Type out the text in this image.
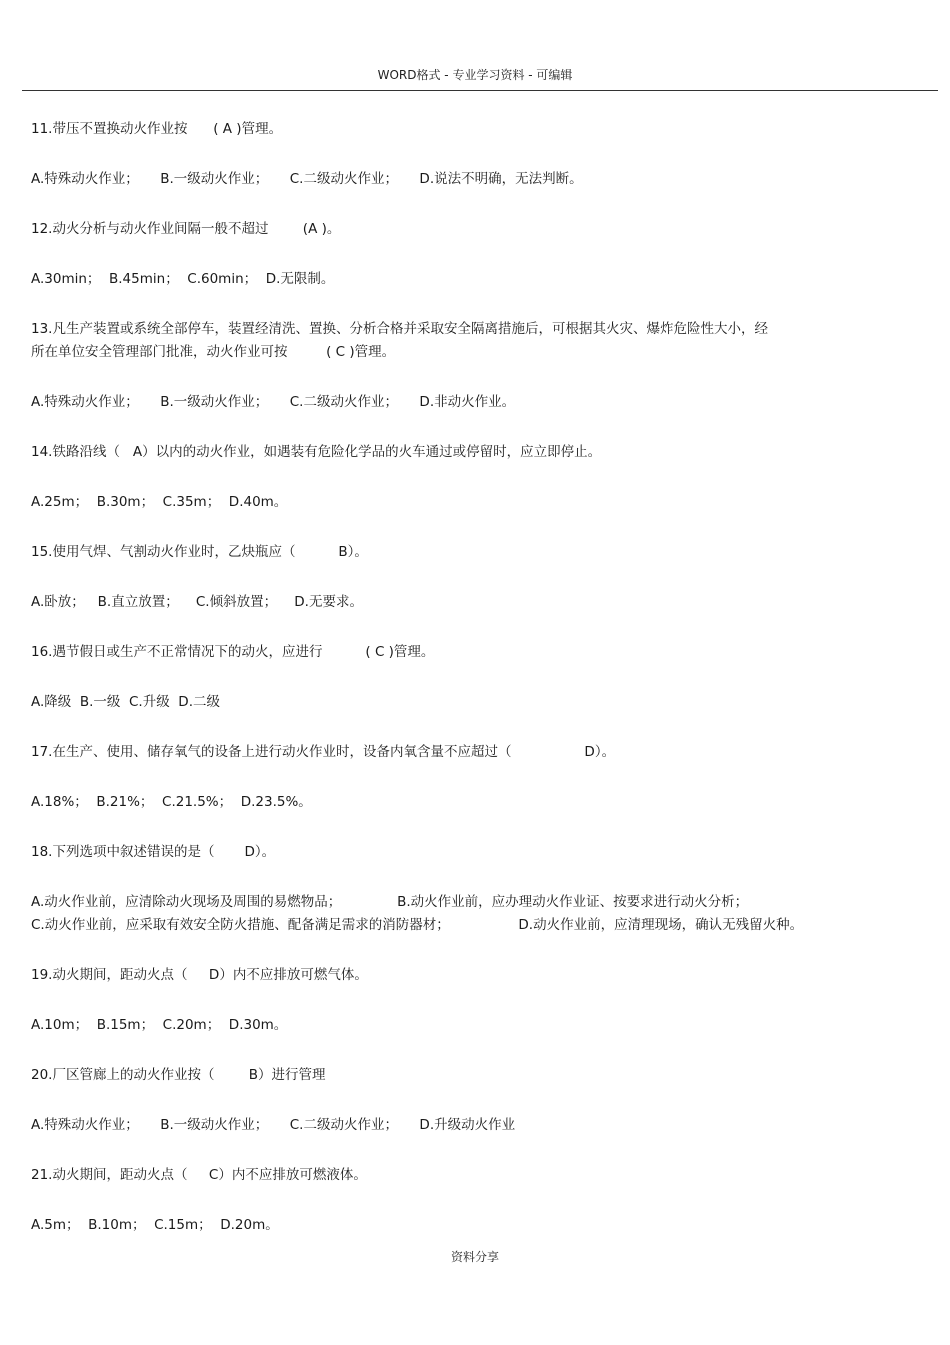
WORD格式 - 专业学习资料 - 可编辑
11.带压不置换动火作业按      ( A )管理。
A.特殊动火作业；     B.一级动火作业；     C.二级动火作业；     D.说法不明确，无法判断。
12.动火分析与动火作业间隔一般不超过        (A )。
A.30min；  B.45min；  C.60min；  D.无限制。
13.凡生产装置或系统全部停车，装置经清洗、置换、分析合格并采取安全隔离措施后，可根据其火灾、爆炸危险性大小，经
所在单位安全管理部门批准，动火作业可按         ( C )管理。
A.特殊动火作业；     B.一级动火作业；     C.二级动火作业；     D.非动火作业。
14.铁路沿线（   A）以内的动火作业，如遇装有危险化学品的火车通过或停留时，应立即停止。
A.25m；  B.30m；  C.35m；  D.40m。
15.使用气焊、气割动火作业时，乙炔瓶应（          B）。
A.卧放；   B.直立放置；    C.倾斜放置；    D.无要求。
16.遇节假日或生产不正常情况下的动火，应进行          ( C )管理。
A.降级  B.一级  C.升级  D.二级
17.在生产、使用、储存氧气的设备上进行动火作业时，设备内氧含量不应超过（                 D）。
A.18%；  B.21%；  C.21.5%；  D.23.5%。
18.下列选项中叙述错误的是（       D）。
A.动火作业前，应清除动火现场及周围的易燃物品；             B.动火作业前，应办理动火作业证、按要求进行动火分析；
C.动火作业前，应采取有效安全防火措施、配备满足需求的消防器材；                D.动火作业前，应清理现场，确认无残留火种。
19.动火期间，距动火点（     D）内不应排放可燃气体。
A.10m；  B.15m；  C.20m；  D.30m。
20.厂区管廊上的动火作业按（        B）进行管理
A.特殊动火作业；     B.一级动火作业；     C.二级动火作业；     D.升级动火作业
21.动火期间，距动火点（     C）内不应排放可燃液体。
A.5m；  B.10m；  C.15m；  D.20m。
资料分享
